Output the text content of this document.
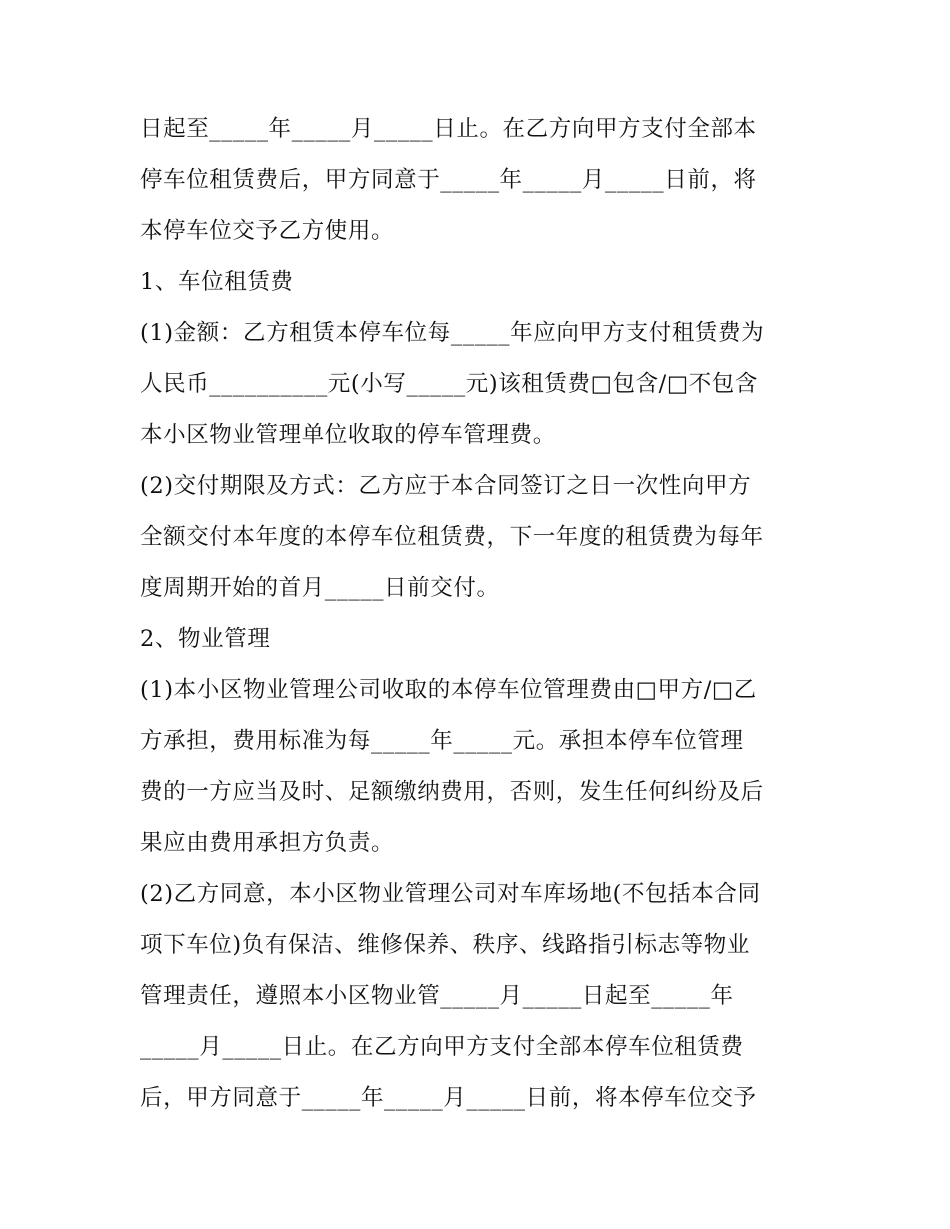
日起至_____年_____月_____日止。在乙方向甲方支付全部本
停车位租赁费后，甲方同意于_____年_____月_____日前，将
本停车位交予乙方使用。
1、车位租赁费
(1)金额：乙方租赁本停车位每_____年应向甲方支付租赁费为
人民币__________元(小写_____元)该租赁费□包含/□不包含
本小区物业管理单位收取的停车管理费。
(2)交付期限及方式：乙方应于本合同签订之日一次性向甲方
全额交付本年度的本停车位租赁费，下一年度的租赁费为每年
度周期开始的首月_____日前交付。
2、物业管理
(1)本小区物业管理公司收取的本停车位管理费由□甲方/□乙
方承担，费用标准为每_____年_____元。承担本停车位管理
费的一方应当及时、足额缴纳费用，否则，发生任何纠纷及后
果应由费用承担方负责。
(2)乙方同意，本小区物业管理公司对车库场地(不包括本合同
项下车位)负有保洁、维修保养、秩序、线路指引标志等物业
管理责任，遵照本小区物业管_____月_____日起至_____年
_____月_____日止。在乙方向甲方支付全部本停车位租赁费
后，甲方同意于_____年_____月_____日前，将本停车位交予
